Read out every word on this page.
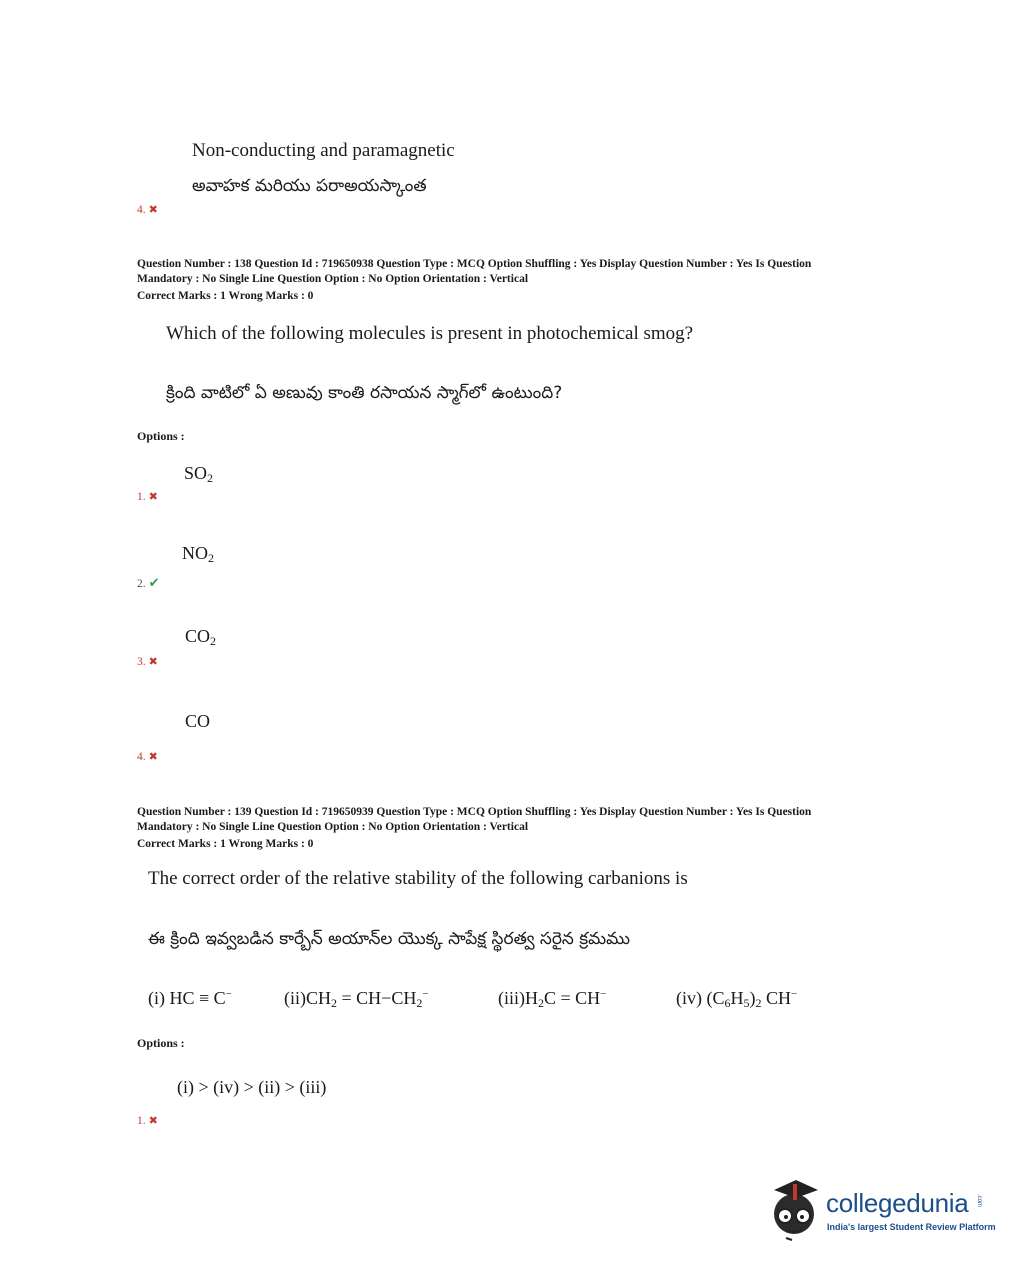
Non-conducting and paramagnetic
అవాహక మరియు పరాఅయస్కాంత
4. ✖
Question Number : 138 Question Id : 719650938 Question Type : MCQ Option Shuffling : Yes Display Question Number : Yes Is Question
Mandatory : No Single Line Question Option : No Option Orientation : Vertical
Correct Marks : 1 Wrong Marks : 0
Which of the following molecules is present in photochemical smog?
క్రింది వాటిలో ఏ అణువు కాంతి రసాయన స్మాగ్‌లో ఉంటుంది?
Options :
$SO_2$
1. ✖
$NO_2$
2. ✔
$CO_2$
3. ✖
CO
4. ✖
Question Number : 139 Question Id : 719650939 Question Type : MCQ Option Shuffling : Yes Display Question Number : Yes Is Question
Mandatory : No Single Line Question Option : No Option Orientation : Vertical
Correct Marks : 1 Wrong Marks : 0
The correct order of the relative stability of the following carbanions is
ఈ క్రింది ఇవ్వబడిన కార్బేన్ అయాన్‌ల యొక్క సాపేక్ష స్థిరత్వ సరైన క్రమము
(i) HC ≡ C−	$(ii)CH_2 = CH-CH_2^-$	$(iii)H_2C = CH^-$	(iv) $(C_6H_5)_2$ CH−
Options :
(i) > (iv) > (ii) > (iii)
1. ✖
collegedunia .com
India's largest Student Review Platform
